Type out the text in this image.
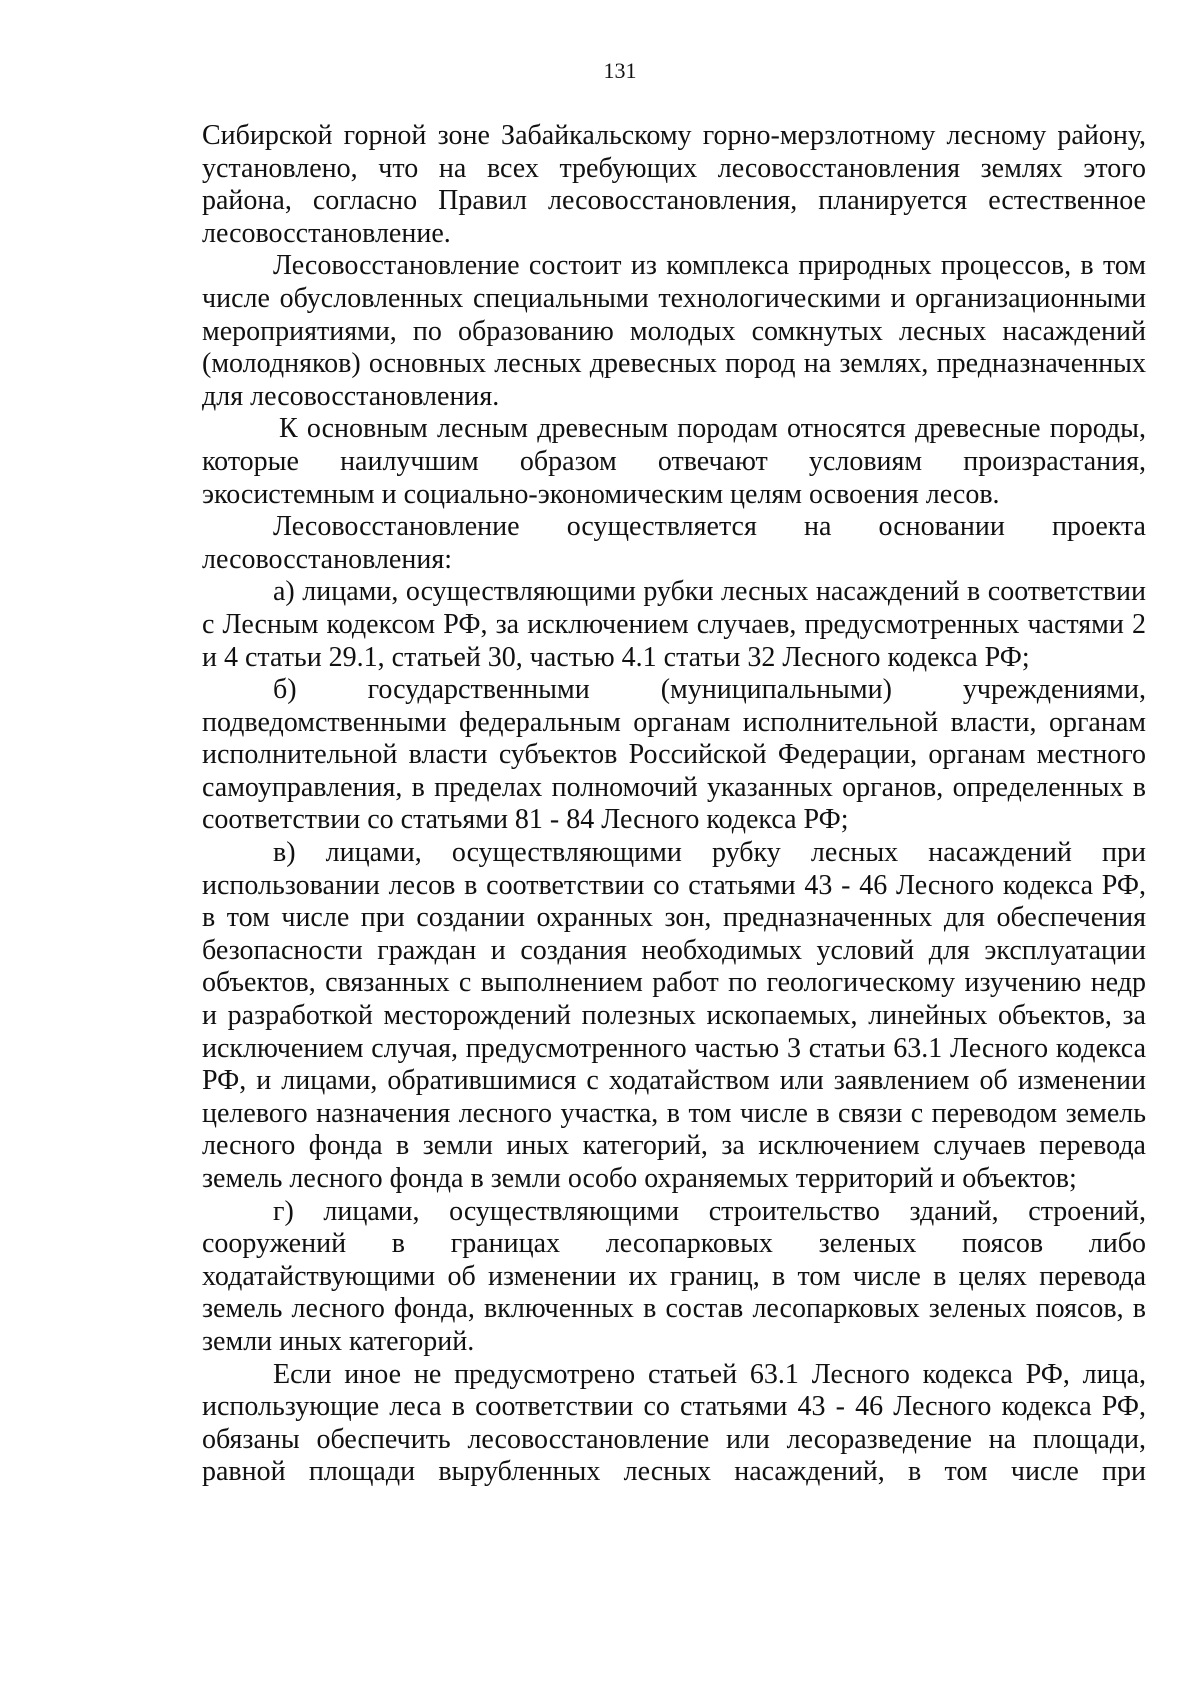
131

Сибирской горной зоне Забайкальскому горно-мерзлотному лесному району, установлено, что на всех требующих лесовосстановления землях этого района, согласно Правил лесовосстановления, планируется естественное лесовосстановление.

Лесовосстановление состоит из комплекса природных процессов, в том числе обусловленных специальными технологическими и организационными мероприятиями, по образованию молодых сомкнутых лесных насаждений (молодняков) основных лесных древесных пород на землях, предназначенных для лесовосстановления.

К основным лесным древесным породам относятся древесные породы, которые наилучшим образом отвечают условиям произрастания, экосистемным и социально-экономическим целям освоения лесов.

Лесовосстановление осуществляется на основании проекта лесовосстановления:

а) лицами, осуществляющими рубки лесных насаждений в соответствии с Лесным кодексом РФ, за исключением случаев, предусмотренных частями 2 и 4 статьи 29.1, статьей 30, частью 4.1 статьи 32 Лесного кодекса РФ;

б) государственными (муниципальными) учреждениями, подведомственными федеральным органам исполнительной власти, органам исполнительной власти субъектов Российской Федерации, органам местного самоуправления, в пределах полномочий указанных органов, определенных в соответствии со статьями 81 - 84 Лесного кодекса РФ;

в) лицами, осуществляющими рубку лесных насаждений при использовании лесов в соответствии со статьями 43 - 46 Лесного кодекса РФ, в том числе при создании охранных зон, предназначенных для обеспечения безопасности граждан и создания необходимых условий для эксплуатации объектов, связанных с выполнением работ по геологическому изучению недр и разработкой месторождений полезных ископаемых, линейных объектов, за исключением случая, предусмотренного частью 3 статьи 63.1 Лесного кодекса РФ, и лицами, обратившимися с ходатайством или заявлением об изменении целевого назначения лесного участка, в том числе в связи с переводом земель лесного фонда в земли иных категорий, за исключением случаев перевода земель лесного фонда в земли особо охраняемых территорий и объектов;

г) лицами, осуществляющими строительство зданий, строений, сооружений в границах лесопарковых зеленых поясов либо ходатайствующими об изменении их границ, в том числе в целях перевода земель лесного фонда, включенных в состав лесопарковых зеленых поясов, в земли иных категорий.

Если иное не предусмотрено статьей 63.1 Лесного кодекса РФ, лица, использующие леса в соответствии со статьями 43 - 46 Лесного кодекса РФ, обязаны обеспечить лесовосстановление или лесоразведение на площади, равной площади вырубленных лесных насаждений, в том числе при
